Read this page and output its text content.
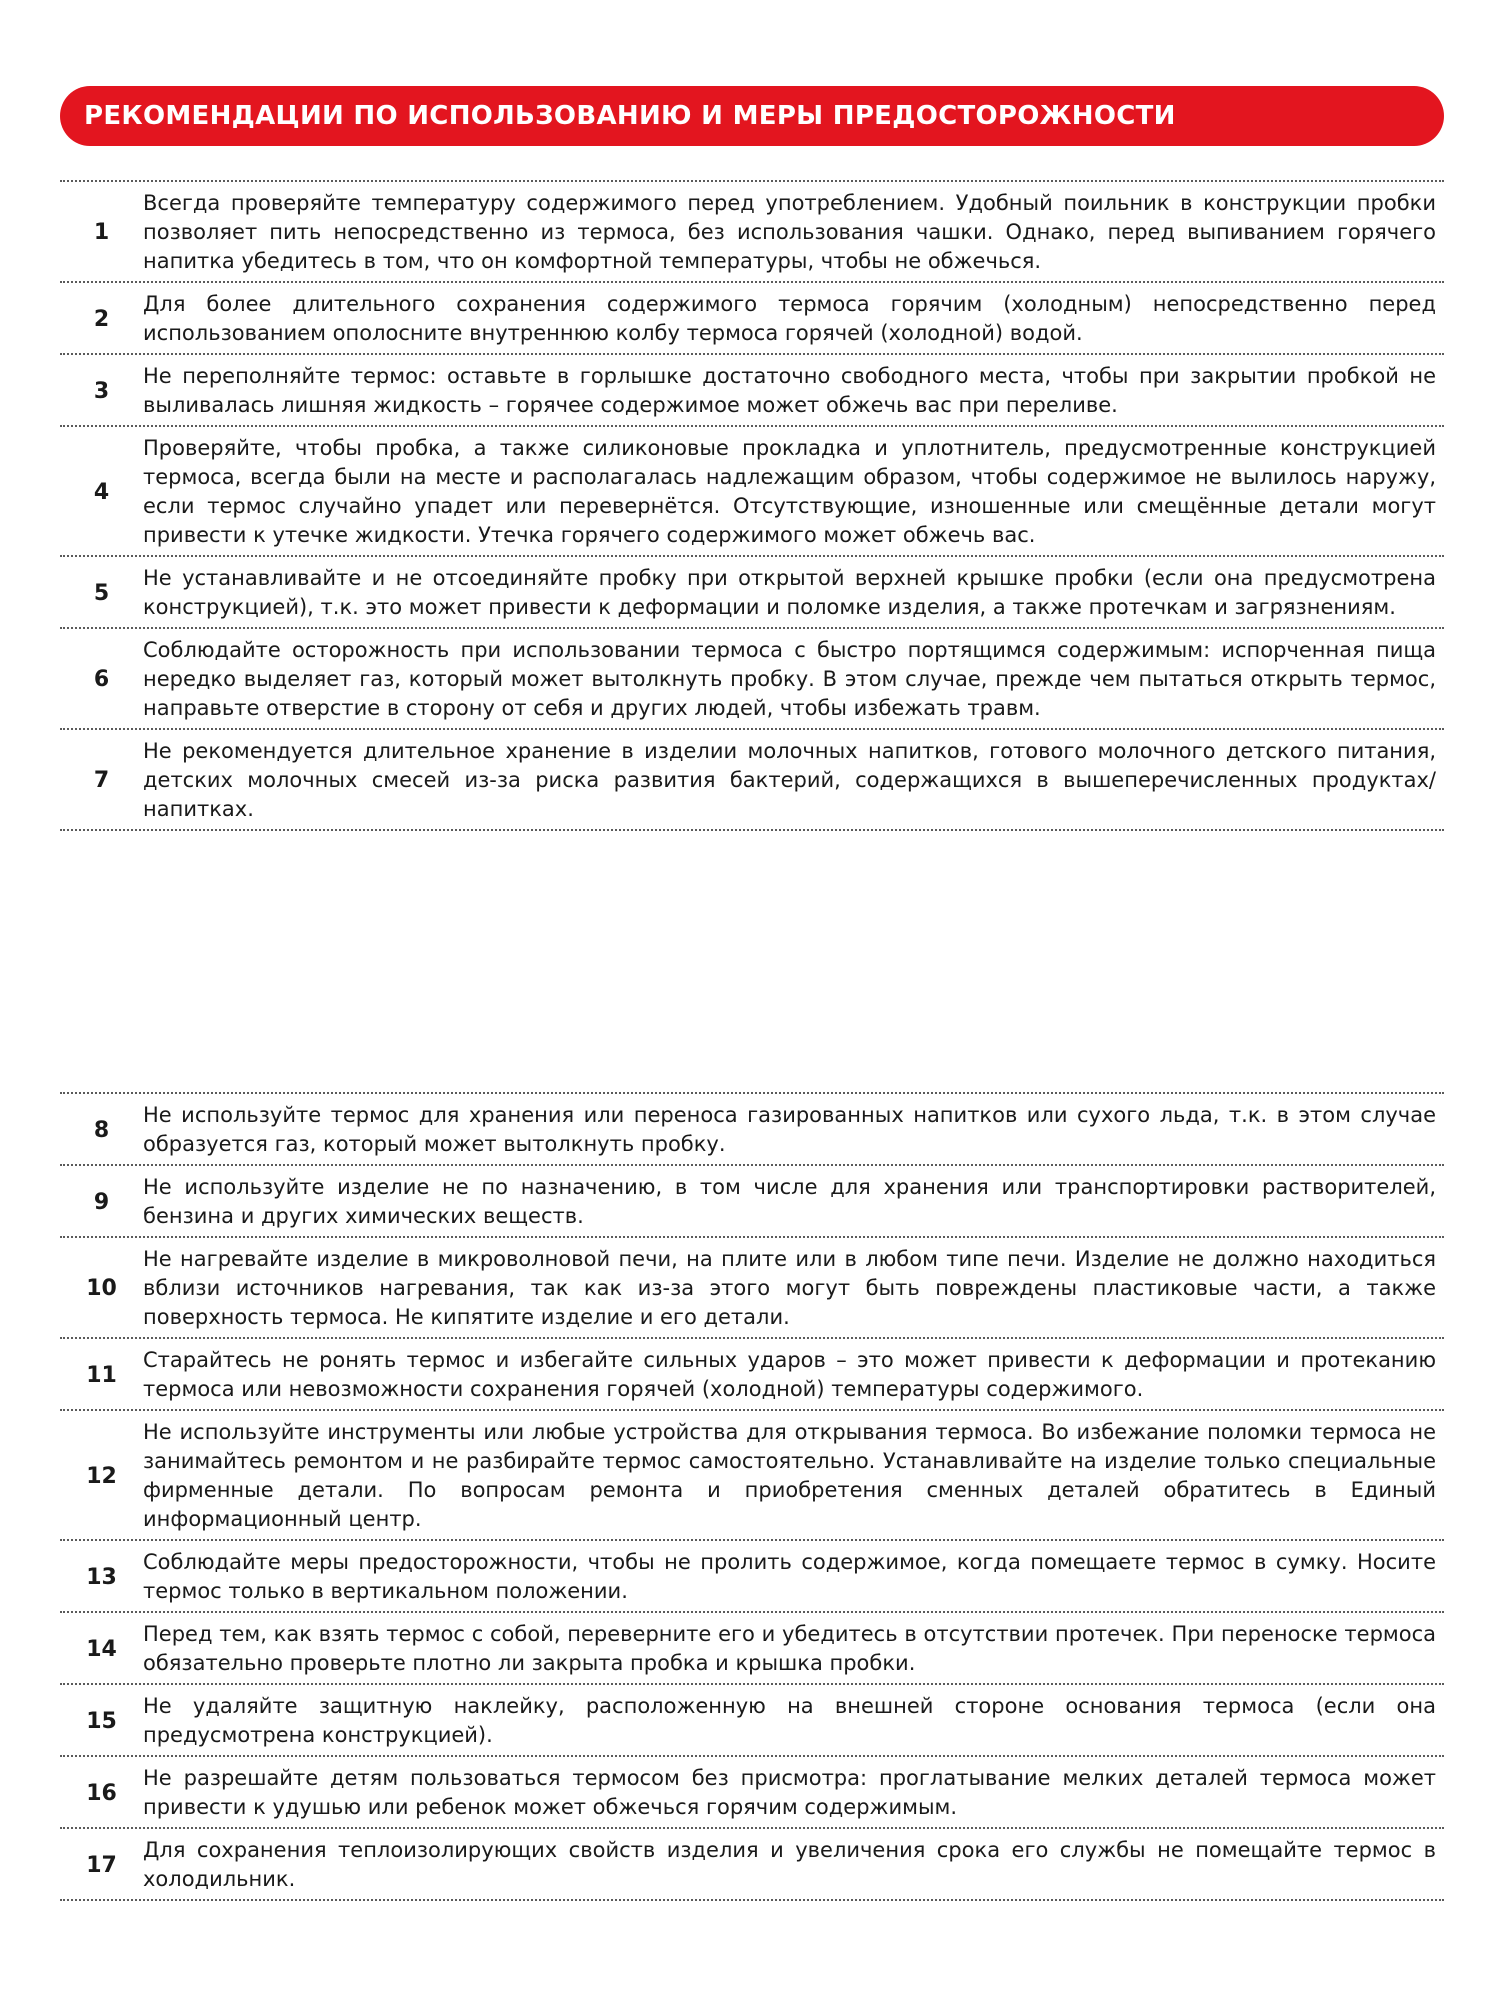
РЕКОМЕНДАЦИИ ПО ИСПОЛЬЗОВАНИЮ И МЕРЫ ПРЕДОСТОРОЖНОСТИ
1
Всегда проверяйте температуру содержимого перед употреблением. Удобный поильник в конструкции пробки позволяет пить непосредственно из термоса, без использования чашки. Однако, перед выпиванием горячего напитка убедитесь в том, что он комфортной температуры, чтобы не обжечься.
2
Для более длительного сохранения содержимого термоса горячим (холодным) непосредственно перед использованием ополосните внутреннюю колбу термоса горячей (холодной) водой.
3
Не переполняйте термос: оставьте в горлышке достаточно свободного места, чтобы при закрытии пробкой не выливалась лишняя жидкость – горячее содержимое может обжечь вас при переливе.
4
Проверяйте, чтобы пробка, а также силиконовые прокладка и уплотнитель, предусмотренные конструкцией термоса, всегда были на месте и располагалась надлежащим образом, чтобы содержимое не вылилось наружу, если термос случайно упадет или перевернётся. Отсутствующие, изношенные или смещённые детали могут привести к утечке жидкости. Утечка горячего содержимого может обжечь вас.
5
Не устанавливайте и не отсоединяйте пробку при открытой верхней крышке пробки (если она предусмотрена конструкцией), т.к. это может привести к деформации и поломке изделия, а также протечкам и загрязнениям.
6
Соблюдайте осторожность при использовании термоса с быстро портящимся содержимым: испорченная пища нередко выделяет газ, который может вытолкнуть пробку. В этом случае, прежде чем пытаться открыть термос, направьте отверстие в сторону от себя и других людей, чтобы избежать травм.
7
Не рекомендуется длительное хранение в изделии молочных напитков, готового молочного детского питания, детских молочных смесей из-за риска развития бактерий, содержащихся в вышеперечисленных продуктах/напитках.
8
Не используйте термос для хранения или переноса газированных напитков или сухого льда, т.к. в этом случае образуется газ, который может вытолкнуть пробку.
9
Не используйте изделие не по назначению, в том числе для хранения или транспортировки растворителей, бензина и других химических веществ.
10
Не нагревайте изделие в микроволновой печи, на плите или в любом типе печи. Изделие не должно находиться вблизи источников нагревания, так как из-за этого могут быть повреждены пластиковые части, а также поверхность термоса. Не кипятите изделие и его детали.
11
Старайтесь не ронять термос и избегайте сильных ударов – это может привести к деформации и протеканию термоса или невозможности сохранения горячей (холодной) температуры содержимого.
12
Не используйте инструменты или любые устройства для открывания термоса. Во избежание поломки термоса не занимайтесь ремонтом и не разбирайте термос самостоятельно. Устанавливайте на изделие только специальные фирменные детали. По вопросам ремонта и приобретения сменных деталей обратитесь в Единый информационный центр.
13
Соблюдайте меры предосторожности, чтобы не пролить содержимое, когда помещаете термос в сумку. Носите термос только в вертикальном положении.
14
Перед тем, как взять термос с собой, переверните его и убедитесь в отсутствии протечек. При переноске термоса обязательно проверьте плотно ли закрыта пробка и крышка пробки.
15
Не удаляйте защитную наклейку, расположенную на внешней стороне основания термоса (если она предусмотрена конструкцией).
16
Не разрешайте детям пользоваться термосом без присмотра: проглатывание мелких деталей термоса может привести к удушью или ребенок может обжечься горячим содержимым.
17
Для сохранения теплоизолирующих свойств изделия и увеличения срока его службы не помещайте термос в холодильник.
